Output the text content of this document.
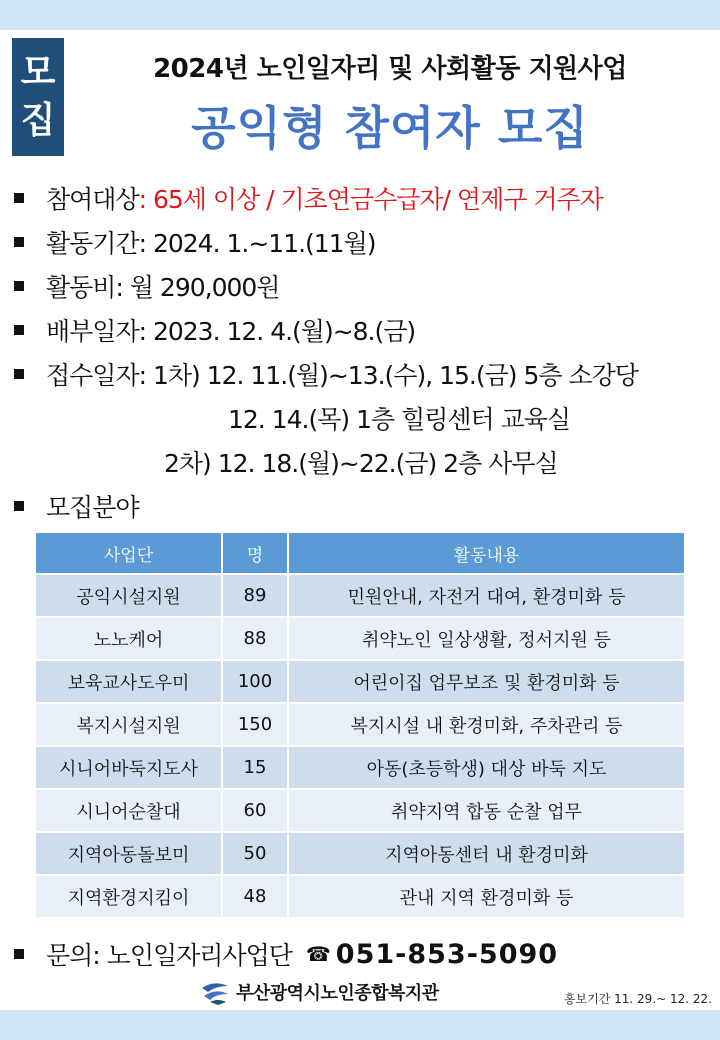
모
집
2024년 노인일자리 및 사회활동 지원사업
공익형 참여자 모집
참여대상 : 65세 이상 / 기초연금수급자/ 연제구 거주자
활동기간: 2024. 1.~11.(11월)
활동비: 월 290,000원
배부일자: 2023. 12. 4.(월)~8.(금)
접수일자: 1차) 12. 11.(월)~13.(수), 15.(금) 5층 소강당
12. 14.(목) 1층 힐링센터 교육실
2차) 12. 18.(월)~22.(금) 2층 사무실
모집분야
사업단	명	활동내용
공익시설지원	89	민원안내, 자전거 대여, 환경미화 등
노노케어	88	취약노인 일상생활, 정서지원 등
보육교사도우미	100	어린이집 업무보조 및 환경미화 등
복지시설지원	150	복지시설 내 환경미화, 주차관리 등
시니어바둑지도사	15	아동(초등학생) 대상 바둑 지도
시니어순찰대	60	취약지역 합동 순찰 업무
지역아동돌보미	50	지역아동센터 내 환경미화
지역환경지킴이	48	관내 지역 환경미화 등
문의: 노인일자리사업단 ☎ 051-853-5090
부산광역시노인종합복지관	홍보기간 11. 29.~ 12. 22.
